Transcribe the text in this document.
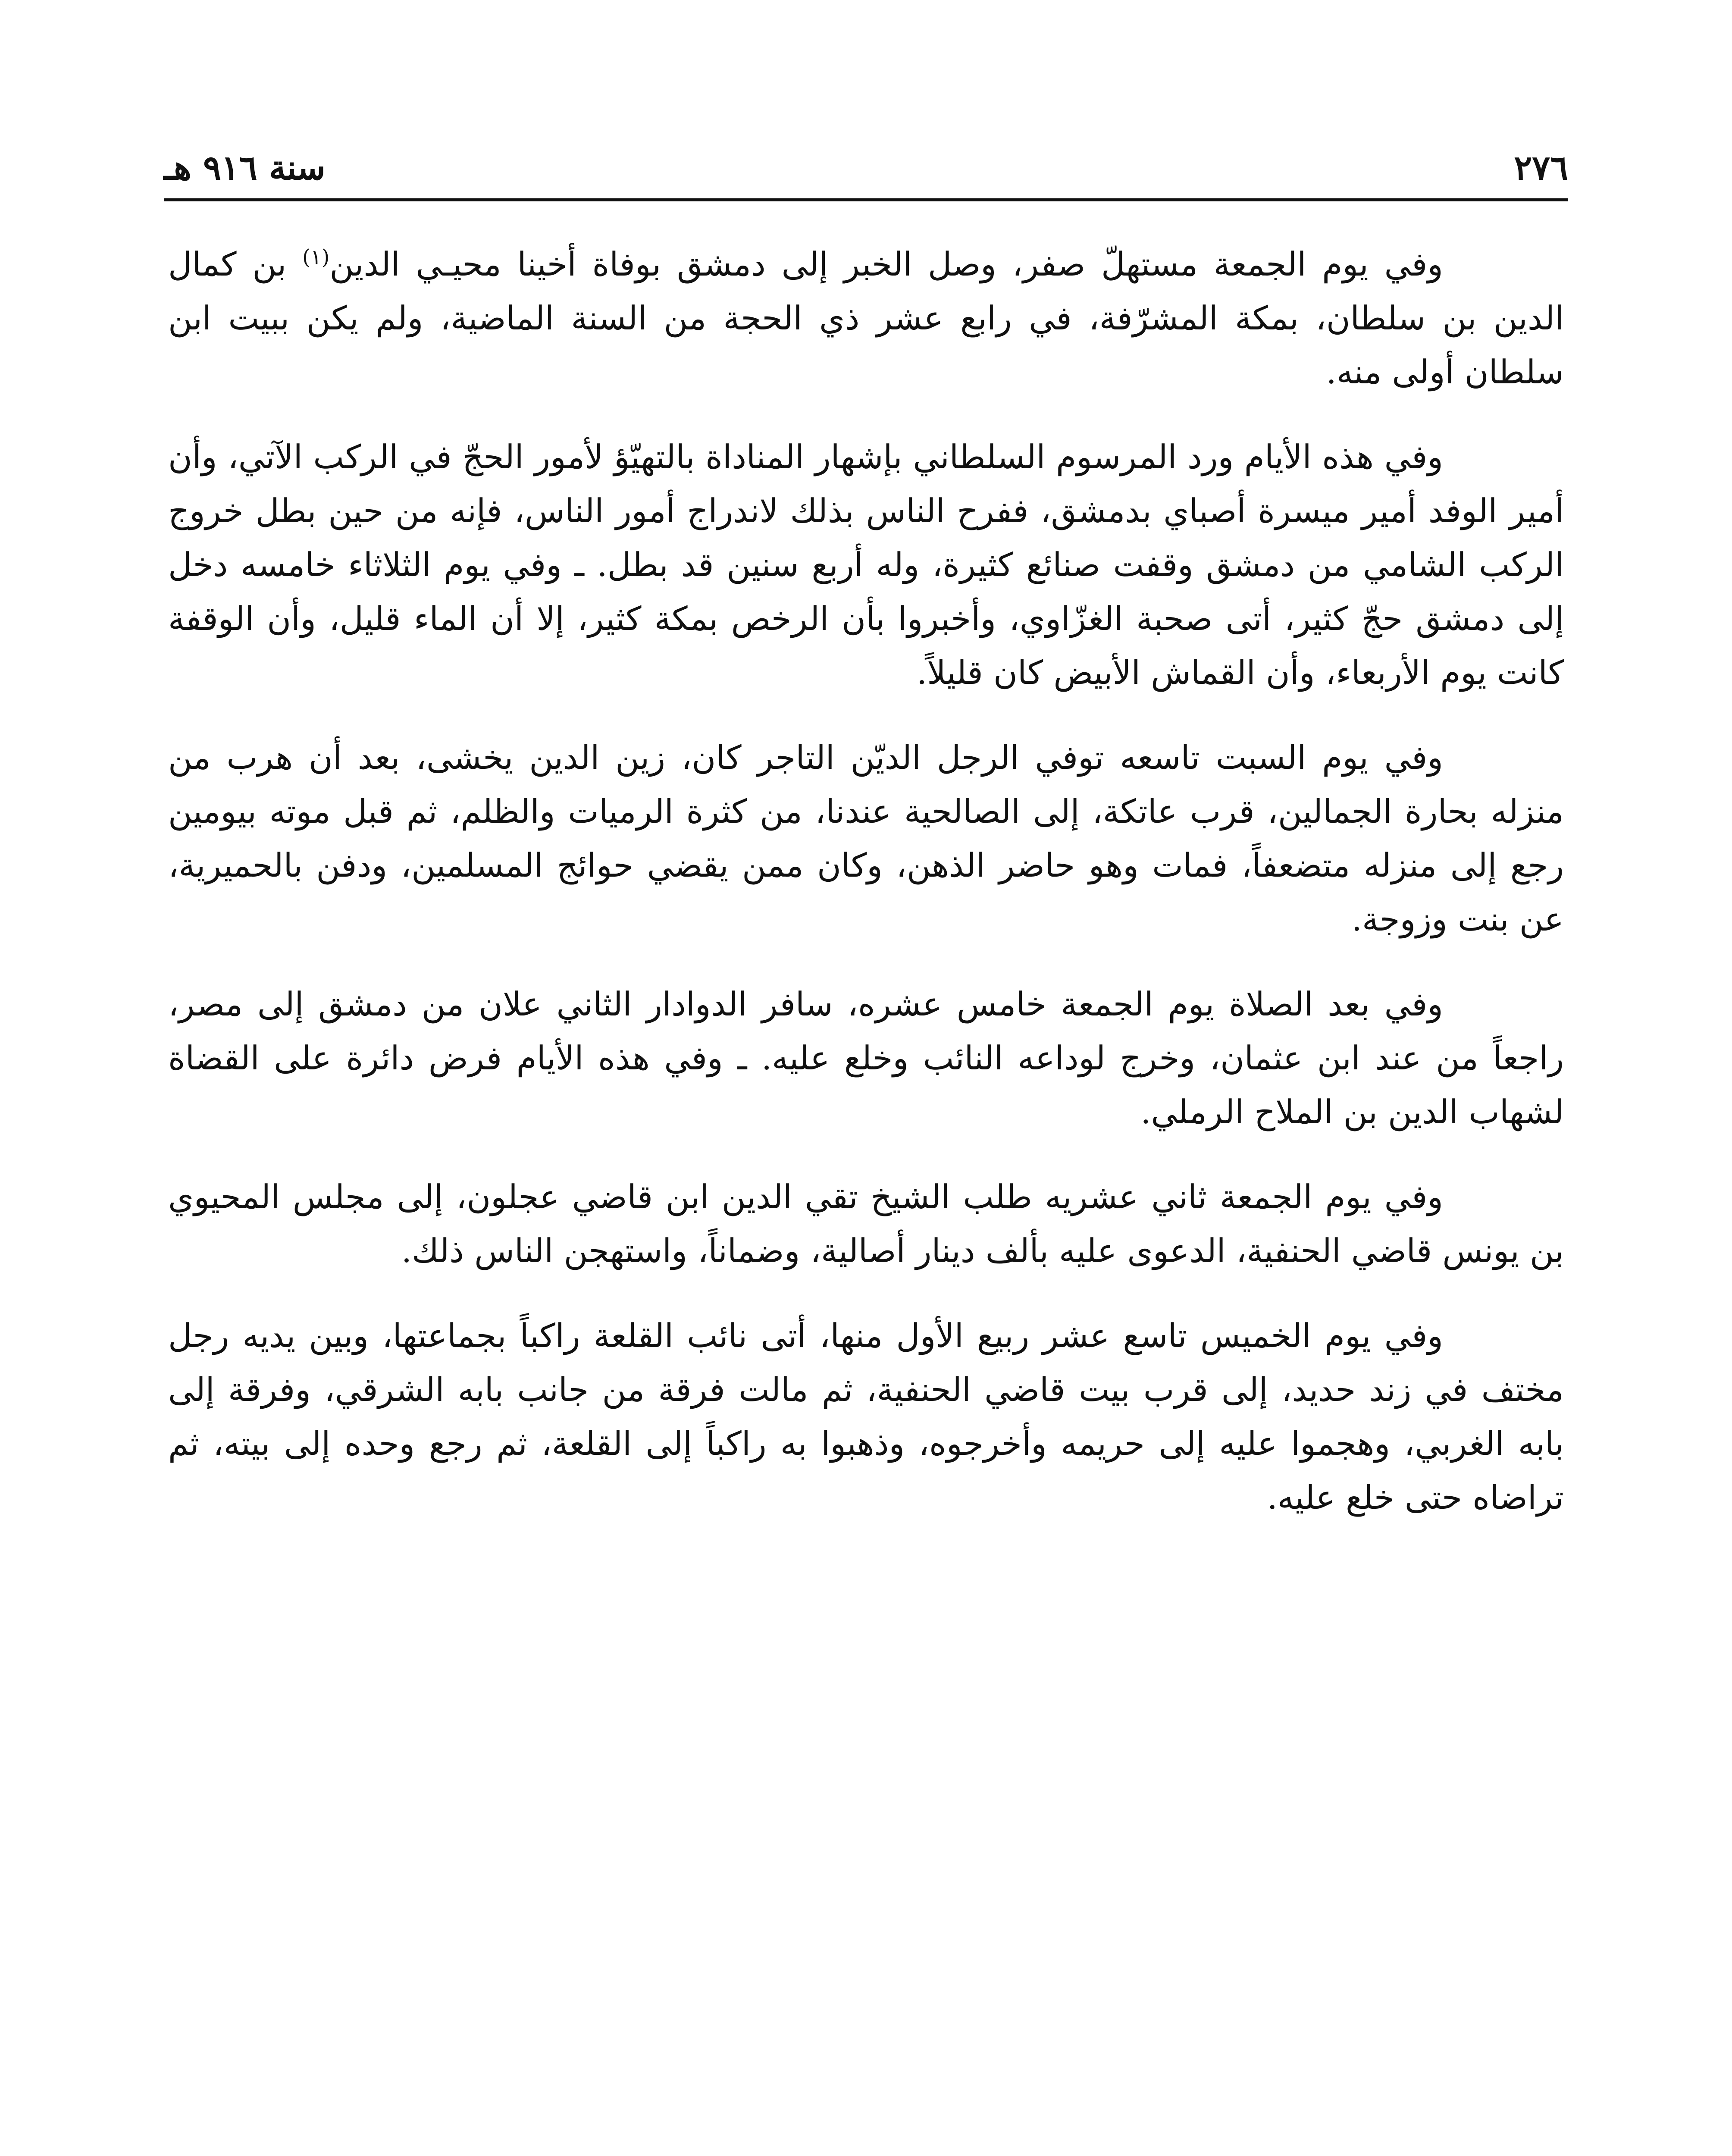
٢٧٦
سنة ٩١٦ هـ

وفي يوم الجمعة مستهلّ صفر، وصل الخبر إلى دمشق بوفاة أخينا محيـي الدين$^{(١)}$ بن كمال الدين بن سلطان، بمكة المشرّفة، في رابع عشر ذي الحجة من السنة الماضية، ولم يكن ببيت ابن سلطان أولى منه.

وفي هذه الأيام ورد المرسوم السلطاني بإشهار المناداة بالتهيّؤ لأمور الحجّ في الركب الآتي، وأن أمير الوفد أمير ميسرة أصباي بدمشق، ففرح الناس بذلك لاندراج أمور الناس، فإنه من حين بطل خروج الركب الشامي من دمشق وقفت صنائع كثيرة، وله أربع سنين قد بطل. ـ وفي يوم الثلاثاء خامسه دخل إلى دمشق حجّ كثير، أتى صحبة الغزّاوي، وأخبروا بأن الرخص بمكة كثير، إلا أن الماء قليل، وأن الوقفة كانت يوم الأربعاء، وأن القماش الأبيض كان قليلاً.

وفي يوم السبت تاسعه توفي الرجل الديّن التاجر كان، زين الدين يخشى، بعد أن هرب من منزله بحارة الجمالين، قرب عاتكة، إلى الصالحية عندنا، من كثرة الرميات والظلم، ثم قبل موته بيومين رجع إلى منزله متضعفاً، فمات وهو حاضر الذهن، وكان ممن يقضي حوائج المسلمين، ودفن بالحميرية، عن بنت وزوجة.

وفي بعد الصلاة يوم الجمعة خامس عشره، سافر الدوادار الثاني علان من دمشق إلى مصر، راجعاً من عند ابن عثمان، وخرج لوداعه النائب وخلع عليه. ـ وفي هذه الأيام فرض دائرة على القضاة لشهاب الدين بن الملاح الرملي.

وفي يوم الجمعة ثاني عشريه طلب الشيخ تقي الدين ابن قاضي عجلون، إلى مجلس المحيوي بن يونس قاضي الحنفية، الدعوى عليه بألف دينار أصالية، وضماناً، واستهجن الناس ذلك.

وفي يوم الخميس تاسع عشر ربيع الأول منها، أتى نائب القلعة راكباً بجماعتها، وبين يديه رجل مختف في زند حديد، إلى قرب بيت قاضي الحنفية، ثم مالت فرقة من جانب بابه الشرقي، وفرقة إلى بابه الغربي، وهجموا عليه إلى حريمه وأخرجوه، وذهبوا به راكباً إلى القلعة، ثم رجع وحده إلى بيته، ثم تراضاه حتى خلع عليه.
